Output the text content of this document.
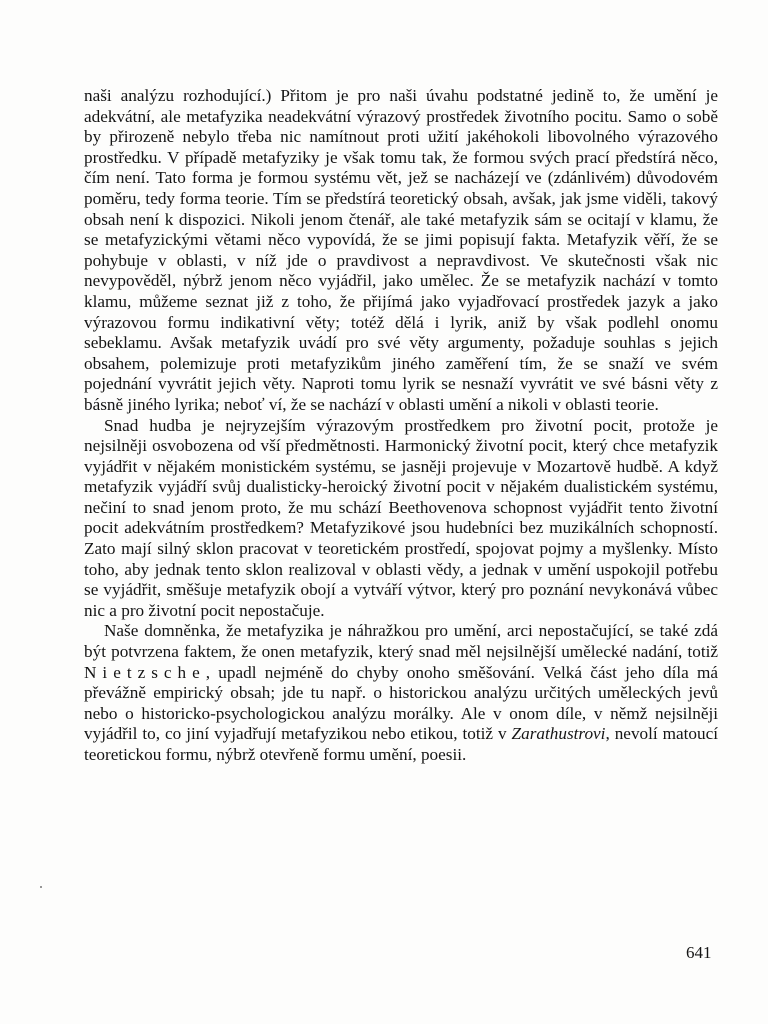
naši analýzu rozhodující.) Přitom je pro naši úvahu podstatné jedině to, že umění je adekvátní, ale metafyzika neadekvátní výrazový prostředek životního pocitu. Samo o sobě by přirozeně nebylo třeba nic namítnout proti užití jakéhokoli libovolného výrazového prostředku. V případě metafyziky je však tomu tak, že formou svých prací předstírá něco, čím není. Tato forma je formou systému vět, jež se nacházejí ve (zdánlivém) důvodovém poměru, tedy forma teorie. Tím se předstírá teoretický obsah, avšak, jak jsme viděli, takový obsah není k dispozici. Nikoli jenom čtenář, ale také metafyzik sám se ocitají v klamu, že se metafyzickými větami něco vypovídá, že se jimi popisují fakta. Metafyzik věří, že se pohybuje v oblasti, v níž jde o pravdivost a nepravdivost. Ve skutečnosti však nic nevypověděl, nýbrž jenom něco vyjádřil, jako umělec. Že se metafyzik nachází v tomto klamu, můžeme seznat již z toho, že přijímá jako vyjadřovací prostředek jazyk a jako výrazovou formu indikativní věty; totéž dělá i lyrik, aniž by však podlehl onomu sebeklamu. Avšak metafyzik uvádí pro své věty argumenty, požaduje souhlas s jejich obsahem, polemizuje proti metafyzikům jiného zaměření tím, že se snaží ve svém pojednání vyvrátit jejich věty. Naproti tomu lyrik se nesnaží vyvrátit ve své básni věty z básně jiného lyrika; neboť ví, že se nachází v oblasti umění a nikoli v oblasti teorie.

Snad hudba je nejryzejším výrazovým prostředkem pro životní pocit, protože je nejsilněji osvobozena od vší předmětnosti. Harmonický životní pocit, který chce metafyzik vyjádřit v nějakém monistickém systému, se jasněji projevuje v Mozartově hudbě. A když metafyzik vyjádří svůj dualisticky-heroický životní pocit v nějakém dualistickém systému, nečiní to snad jenom proto, že mu schází Beethovenova schopnost vyjádřit tento životní pocit adekvátním prostředkem? Metafyzikové jsou hudebníci bez muzikálních schopností. Zato mají silný sklon pracovat v teoretickém prostředí, spojovat pojmy a myšlenky. Místo toho, aby jednak tento sklon realizoval v oblasti vědy, a jednak v umění uspokojil potřebu se vyjádřit, směšuje metafyzik obojí a vytváří výtvor, který pro poznání nevykonává vůbec nic a pro životní pocit nepostačuje.

Naše domněnka, že metafyzika je náhražkou pro umění, arci nepostačující, se také zdá být potvrzena faktem, že onen metafyzik, který snad měl nejsilnější umělecké nadání, totiž Nietzsche, upadl nejméně do chyby onoho směšování. Velká část jeho díla má převážně empirický obsah; jde tu např. o historickou analýzu určitých uměleckých jevů nebo o historicko-psychologickou analýzu morálky. Ale v onom díle, v němž nejsilněji vyjádřil to, co jiní vyjadřují metafyzikou nebo etikou, totiž v Zarathustrovi, nevolí matoucí teoretickou formu, nýbrž otevřeně formu umění, poesii.

641
